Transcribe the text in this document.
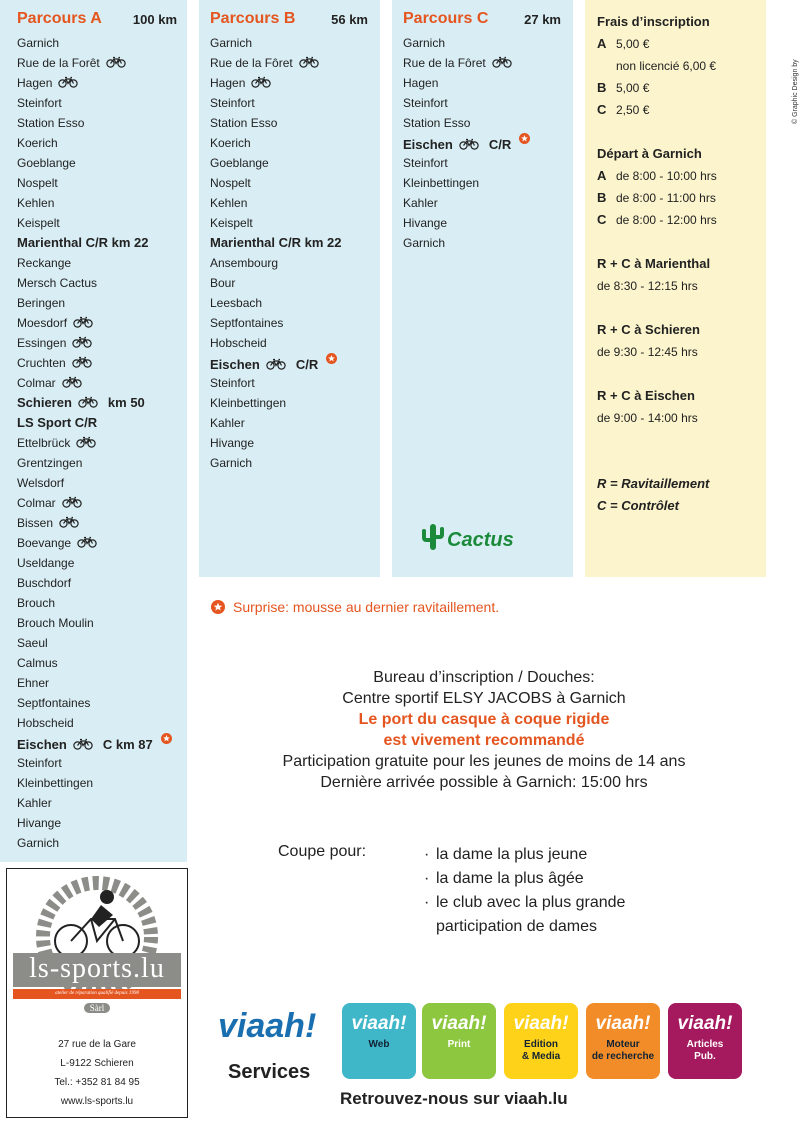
Parcours A 100 km Parcours B	56 km Parcours C	27 km
Garnich
Rue de la Forêt
Hagen
Steinfort
Station Esso
Koerich
Goeblange
Nospelt
Kehlen
Keispelt
Marienthal C/R km 22
Reckange
Mersch Cactus
Beringen
Moesdorf
Essingen
Cruchten
Colmar
Schieren	km 50
LS Sport C/R
Ettelbrück
Grentzingen
Welsdorf
Colmar
Bissen
Boevange
Useldange
Buschdorf
Brouch
Brouch Moulin
Saeul
Calmus
Ehner
Septfontaines
Hobscheid
Eischen	C km 87
Steinfort
Kleinbettingen
Kahler
Hivange
Garnich
Garnich
Rue de la Fôret
Hagen
Steinfort
Station Esso
Koerich
Goeblange
Nospelt
Kehlen
Keispelt
Marienthal C/R km 22
Ansembourg
Bour
Leesbach
Septfontaines
Hobscheid
Eischen	C/R
Steinfort
Kleinbettingen
Kahler
Hivange
Garnich
Garnich
Rue de la Fôret
Hagen
Steinfort
Station Esso
Eischen	C/R
Steinfort
Kleinbettingen
Kahler
Hivange
Garnich
Frais d’inscription
A 5,00 €
non licencié 6,00 €
B 5,00 €
C 2,50 €
Départ à Garnich
A de 8:00 - 10:00 hrs
B de 8:00 - 11:00 hrs
C de 8:00 - 12:00 hrs
R + C à Marienthal
de 8:30 - 12:15 hrs
R + C à Schieren
de 9:30 - 12:45 hrs
R + C à Eischen
de 9:00 - 14:00 hrs
R = Ravitaillement
C = Contrôlet
© Graphic Design by
Cactus
Surprise: mousse au dernier ravitaillement.
Bureau d’inscription / Douches:
Centre sportif ELSY JACOBS à Garnich
Le port du casque à coque rigide
est vivement recommandé
Participation gratuite pour les jeunes de moins de 14 ans
Dernière arrivée possible à Garnich: 15:00 hrs
Coupe pour:
·	la dame la plus jeune
· la dame la plus âgée
· le club avec la plus grande
participation de dames
ls-sports.lu
atelier de réparation qualifié depuis 1998
Sàrl
27 rue de la Gare
L-9122 Schieren
Tel.: +352 81 84 95
www.ls-sports.lu
viaah!
Services
viaah!
Web
viaah!
Print
viaah!
Edition
& Media
viaah!
Moteur
de recherche
viaah!
Articles
Pub.
Retrouvez-nous sur viaah.lu
